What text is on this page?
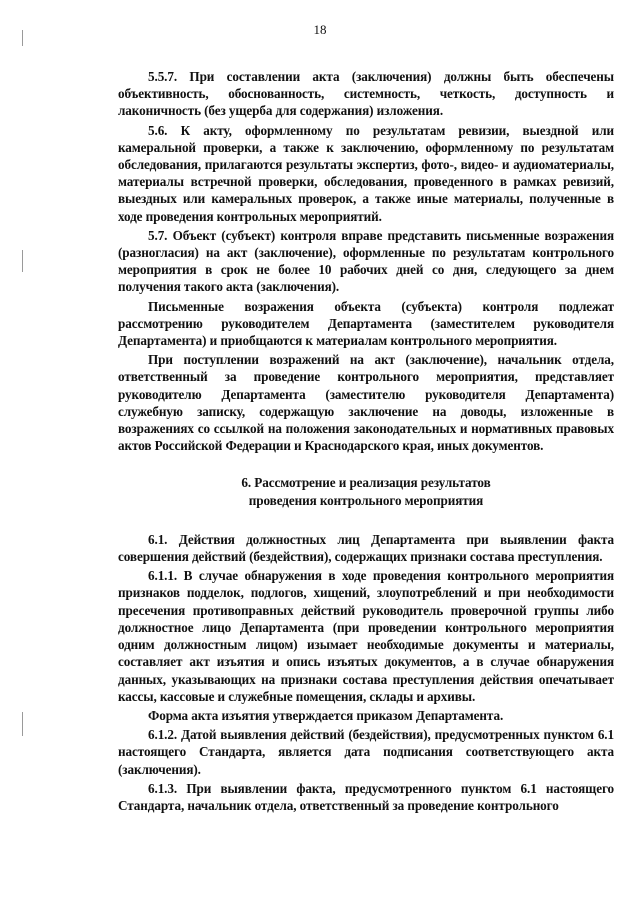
18

5.5.7. При составлении акта (заключения) должны быть обеспечены объективность, обоснованность, системность, четкость, доступность и лаконичность (без ущерба для содержания) изложения.

5.6. К акту, оформленному по результатам ревизии, выездной или камеральной проверки, а также к заключению, оформленному по результатам обследования, прилагаются результаты экспертиз, фото-, видео- и аудиоматериалы, материалы встречной проверки, обследования, проведенного в рамках ревизий, выездных или камеральных проверок, а также иные материалы, полученные в ходе проведения контрольных мероприятий.

5.7. Объект (субъект) контроля вправе представить письменные возражения (разногласия) на акт (заключение), оформленные по результатам контрольного мероприятия в срок не более 10 рабочих дней со дня, следующего за днем получения такого акта (заключения).

Письменные возражения объекта (субъекта) контроля подлежат рассмотрению руководителем Департамента (заместителем руководителя Департамента) и приобщаются к материалам контрольного мероприятия.

При поступлении возражений на акт (заключение), начальник отдела, ответственный за проведение контрольного мероприятия, представляет руководителю Департамента (заместителю руководителя Департамента) служебную записку, содержащую заключение на доводы, изложенные в возражениях со ссылкой на положения законодательных и нормативных правовых актов Российской Федерации и Краснодарского края, иных документов.

6. Рассмотрение и реализация результатов
проведения контрольного мероприятия

6.1. Действия должностных лиц Департамента при выявлении факта совершения действий (бездействия), содержащих признаки состава преступления.

6.1.1. В случае обнаружения в ходе проведения контрольного мероприятия признаков подделок, подлогов, хищений, злоупотреблений и при необходимости пресечения противоправных действий руководитель проверочной группы либо должностное лицо Департамента (при проведении контрольного мероприятия одним должностным лицом) изымает необходимые документы и материалы, составляет акт изъятия и опись изъятых документов, а в случае обнаружения данных, указывающих на признаки состава преступления действия опечатывает кассы, кассовые и служебные помещения, склады и архивы.

Форма акта изъятия утверждается приказом Департамента.

6.1.2. Датой выявления действий (бездействия), предусмотренных пунктом 6.1 настоящего Стандарта, является дата подписания соответствующего акта (заключения).

6.1.3. При выявлении факта, предусмотренного пунктом 6.1 настоящего Стандарта, начальник отдела, ответственный за проведение контрольного
